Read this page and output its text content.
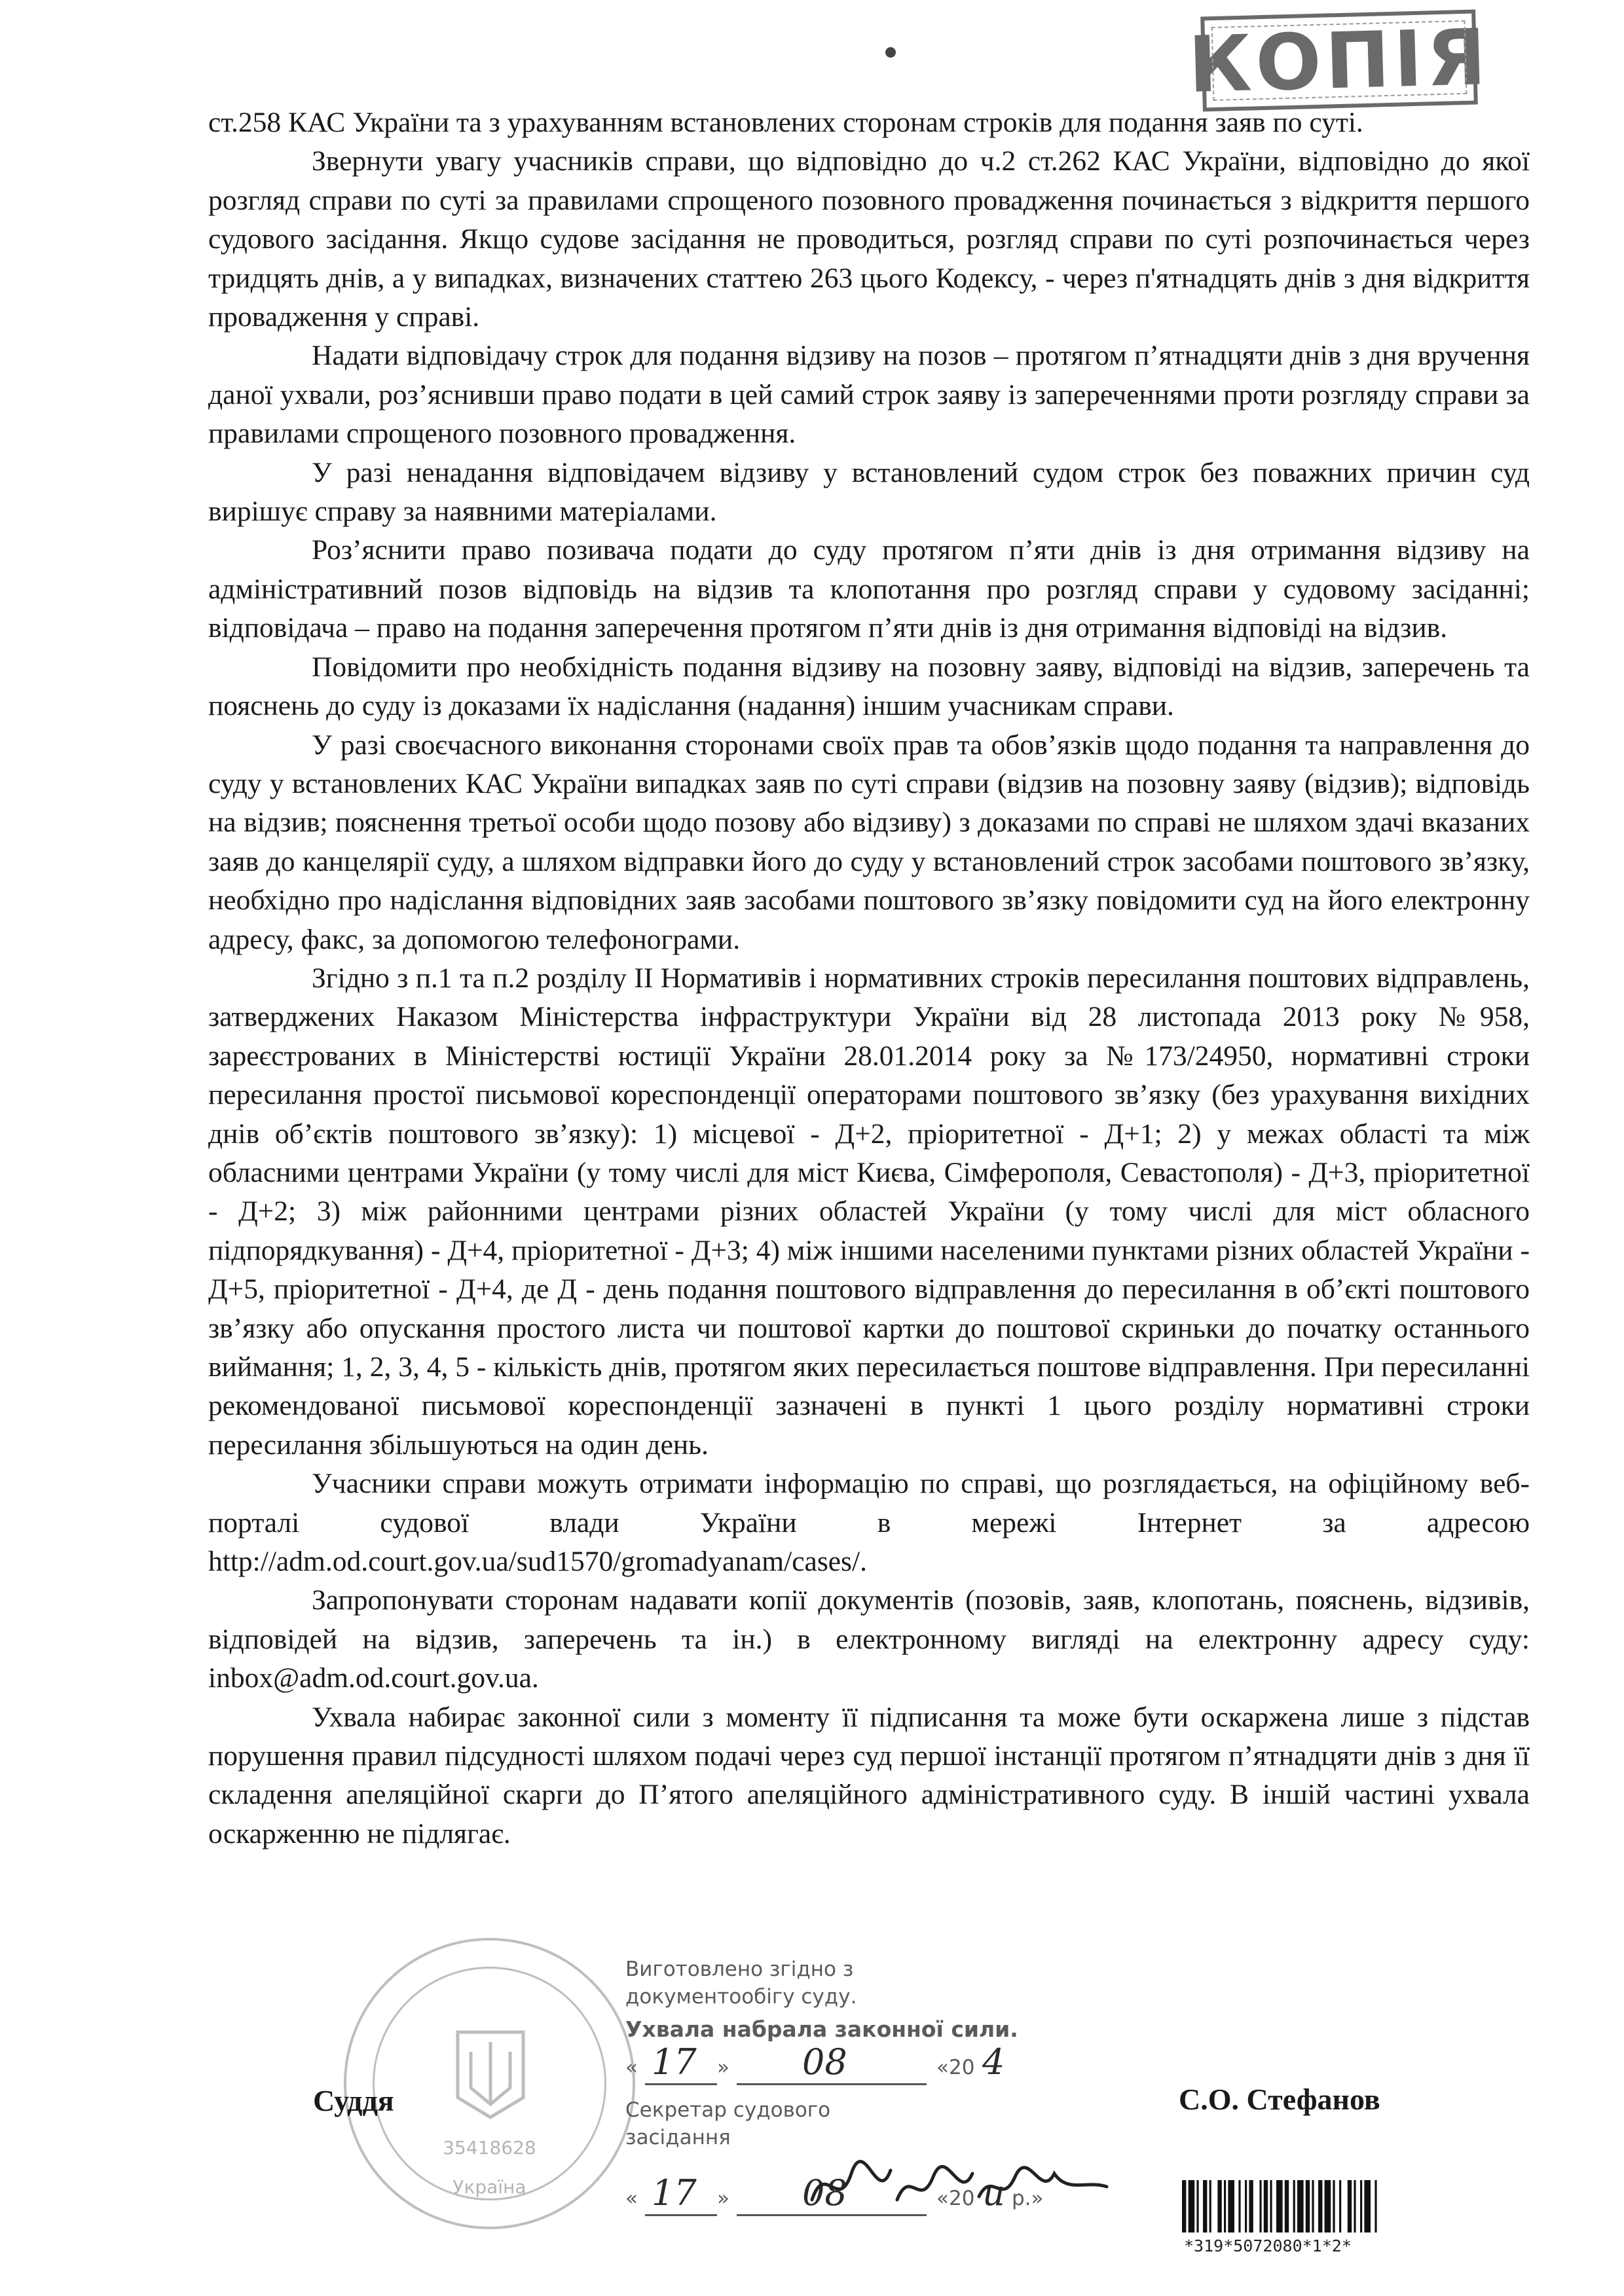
КОПІЯ

ст.258 КАС України та з урахуванням встановлених сторонам строків для подання заяв по суті.

Звернути увагу учасників справи, що відповідно до ч.2 ст.262 КАС України, відповідно до якої розгляд справи по суті за правилами спрощеного позовного провадження починається з відкриття першого судового засідання. Якщо судове засідання не проводиться, розгляд справи по суті розпочинається через тридцять днів, а у випадках, визначених статтею 263 цього Кодексу, - через п'ятнадцять днів з дня відкриття провадження у справі.

Надати відповідачу строк для подання відзиву на позов – протягом п’ятнадцяти днів з дня вручення даної ухвали, роз’яснивши право подати в цей самий строк заяву із запереченнями проти розгляду справи за правилами спрощеного позовного провадження.

У разі ненадання відповідачем відзиву у встановлений судом строк без поважних причин суд вирішує справу за наявними матеріалами.

Роз’яснити право позивача подати до суду протягом п’яти днів із дня отримання відзиву на адміністративний позов відповідь на відзив та клопотання про розгляд справи у судовому засіданні; відповідача – право на подання заперечення протягом п’яти днів із дня отримання відповіді на відзив.

Повідомити про необхідність подання відзиву на позовну заяву, відповіді на відзив, заперечень та пояснень до суду із доказами їх надіслання (надання) іншим учасникам справи.

У разі своєчасного виконання сторонами своїх прав та обов’язків щодо подання та направлення до суду у встановлених КАС України випадках заяв по суті справи (відзив на позовну заяву (відзив); відповідь на відзив; пояснення третьої особи щодо позову або відзиву) з доказами по справі не шляхом здачі вказаних заяв до канцелярії суду, а шляхом відправки його до суду у встановлений строк засобами поштового зв’язку, необхідно про надіслання відповідних заяв засобами поштового зв’язку повідомити суд на його електронну адресу, факс, за допомогою телефонограми.

Згідно з п.1 та п.2 розділу ІІ Нормативів і нормативних строків пересилання поштових відправлень, затверджених Наказом Міністерства інфраструктури України від 28 листопада 2013 року №958, зареєстрованих в Міністерстві юстиції України 28.01.2014 року за №173/24950, нормативні строки пересилання простої письмової кореспонденції операторами поштового зв’язку (без урахування вихідних днів об’єктів поштового зв’язку): 1) місцевої - Д+2, пріоритетної - Д+1; 2) у межах області та між обласними центрами України (у тому числі для міст Києва, Сімферополя, Севастополя) - Д+3, пріоритетної - Д+2; 3) між районними центрами різних областей України (у тому числі для міст обласного підпорядкування) - Д+4, пріоритетної - Д+3; 4) між іншими населеними пунктами різних областей України - Д+5, пріоритетної - Д+4, де Д - день подання поштового відправлення до пересилання в об’єкті поштового зв’язку або опускання простого листа чи поштової картки до поштової скриньки до початку останнього виймання; 1, 2, 3, 4, 5 - кількість днів, протягом яких пересилається поштове відправлення. При пересиланні рекомендованої письмової кореспонденції зазначені в пункті 1 цього розділу нормативні строки пересилання збільшуються на один день.

Учасники справи можуть отримати інформацію по справі, що розглядається, на офіційному веб-порталі судової влади України в мережі Інтернет за адресою http://adm.od.court.gov.ua/sud1570/gromadyanam/cases/.

Запропонувати сторонам надавати копії документів (позовів, заяв, клопотань, пояснень, відзивів, відповідей на відзив, заперечень та ін.) в електронному вигляді на електронну адресу суду: inbox@adm.od.court.gov.ua.

Ухвала набирає законної сили з моменту її підписання та може бути оскаржена лише з підстав порушення правил підсудності шляхом подачі через суд першої інстанції протягом п’ятнадцяти днів з дня її складення апеляційної скарги до П’ятого апеляційного адміністративного суду. В іншій частині ухвала оскарженню не підлягає.

35418628
Україна
Виготовлено згідно з
документообігу суду.
Ухвала набрала законної сили.
« 17 » 08	«20 4
Секретар судового
засідання
« 17 » 08	«20 и р.»
Суддя	С.О. Стефанов
*319*5072080*1*2*
